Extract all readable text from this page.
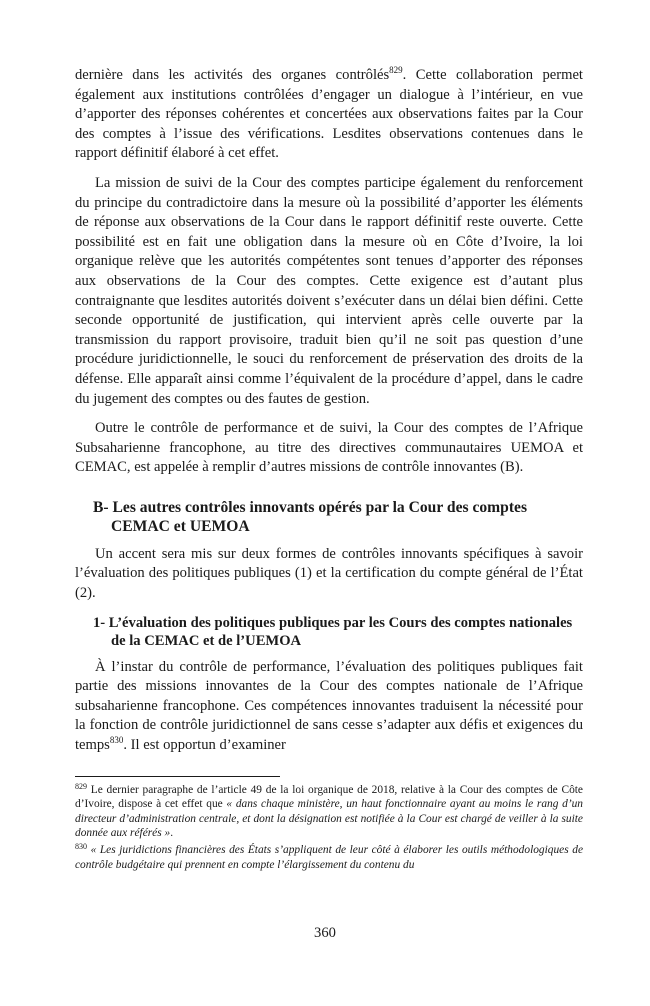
dernière dans les activités des organes contrôlés$^{829}$. Cette collaboration permet également aux institutions contrôlées d’engager un dialogue à l’intérieur, en vue d’apporter des réponses cohérentes et concertées aux observations faites par la Cour des comptes à l’issue des vérifications. Lesdites observations contenues dans le rapport définitif élaboré à cet effet.

La mission de suivi de la Cour des comptes participe également du renforcement du principe du contradictoire dans la mesure où la possibilité d’apporter les éléments de réponse aux observations de la Cour dans le rapport définitif reste ouverte. Cette possibilité est en fait une obligation dans la mesure où en Côte d’Ivoire, la loi organique relève que les autorités compétentes sont tenues d’apporter des réponses aux observations de la Cour des comptes. Cette exigence est d’autant plus contraignante que lesdites autorités doivent s’exécuter dans un délai bien défini. Cette seconde opportunité de justification, qui intervient après celle ouverte par la transmission du rapport provisoire, traduit bien qu’il ne soit pas question d’une procédure juridictionnelle, le souci du renforcement de préservation des droits de la défense. Elle apparaît ainsi comme l’équivalent de la procédure d’appel, dans le cadre du jugement des comptes ou des fautes de gestion.

Outre le contrôle de performance et de suivi, la Cour des comptes de l’Afrique Subsaharienne francophone, au titre des directives communautaires UEMOA et CEMAC, est appelée à remplir d’autres missions de contrôle innovantes (B).

B- Les autres contrôles innovants opérés par la Cour des comptes CEMAC et UEMOA

Un accent sera mis sur deux formes de contrôles innovants spécifiques à savoir l’évaluation des politiques publiques (1) et la certification du compte général de l’État (2).

1- L’évaluation des politiques publiques par les Cours des comptes nationales de la CEMAC et de l’UEMOA

À l’instar du contrôle de performance, l’évaluation des politiques publiques fait partie des missions innovantes de la Cour des comptes nationale de l’Afrique subsaharienne francophone. Ces compétences innovantes traduisent la nécessité pour la fonction de contrôle juridictionnel de sans cesse s’adapter aux défis et exigences du temps$^{830}$. Il est opportun d’examiner

$^{829}$ Le dernier paragraphe de l’article 49 de la loi organique de 2018, relative à la Cour des comptes de Côte d’Ivoire, dispose à cet effet que « dans chaque ministère, un haut fonctionnaire ayant au moins le rang d’un directeur d’administration centrale, et dont la désignation est notifiée à la Cour est chargé de veiller à la suite donnée aux référés ».

$^{830}$ « Les juridictions financières des États s’appliquent de leur côté à élaborer les outils méthodologiques de contrôle budgétaire qui prennent en compte l’élargissement du contenu du

360
